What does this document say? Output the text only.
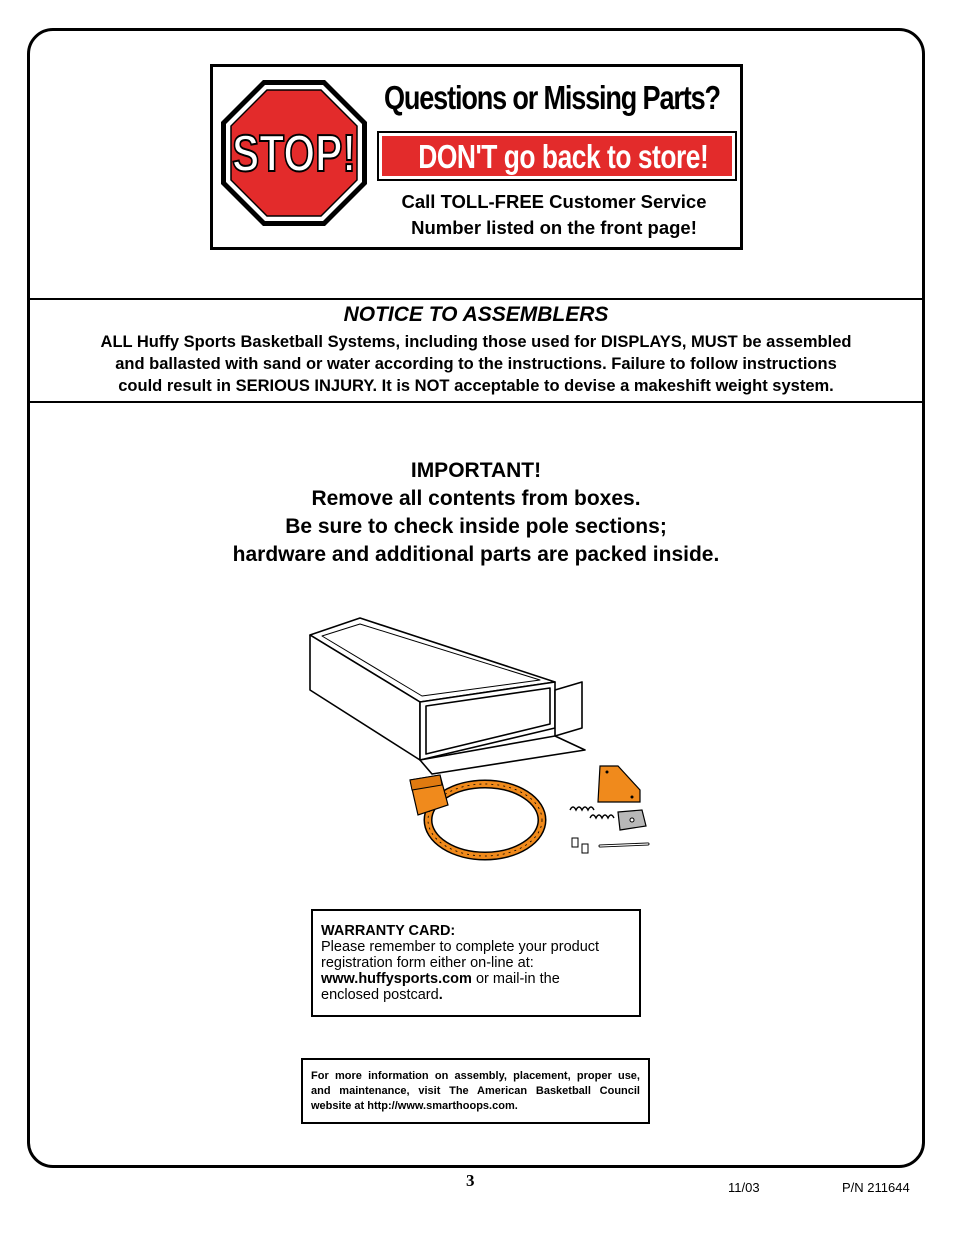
STOP!
Questions or Missing Parts?
DON'T go back to store!
Call TOLL-FREE Customer Service
Number listed on the front page!
NOTICE TO ASSEMBLERS
ALL Huffy Sports Basketball Systems, including those used for DISPLAYS, MUST be assembled
and ballasted with sand or water according to the instructions. Failure to follow instructions
could result in SERIOUS INJURY. It is NOT acceptable to devise a makeshift weight system.
IMPORTANT!
Remove all contents from boxes.
Be sure to check inside pole sections;
hardware and additional parts are packed inside.
WARRANTY CARD:
Please remember to complete your product
registration form either on-line at:
www.huffysports.com or mail-in the
enclosed postcard.
For more information on assembly, placement, proper use, and maintenance, visit The American Basketball Council website at http://www.smarthoops.com.
3	11/03	P/N 211644
